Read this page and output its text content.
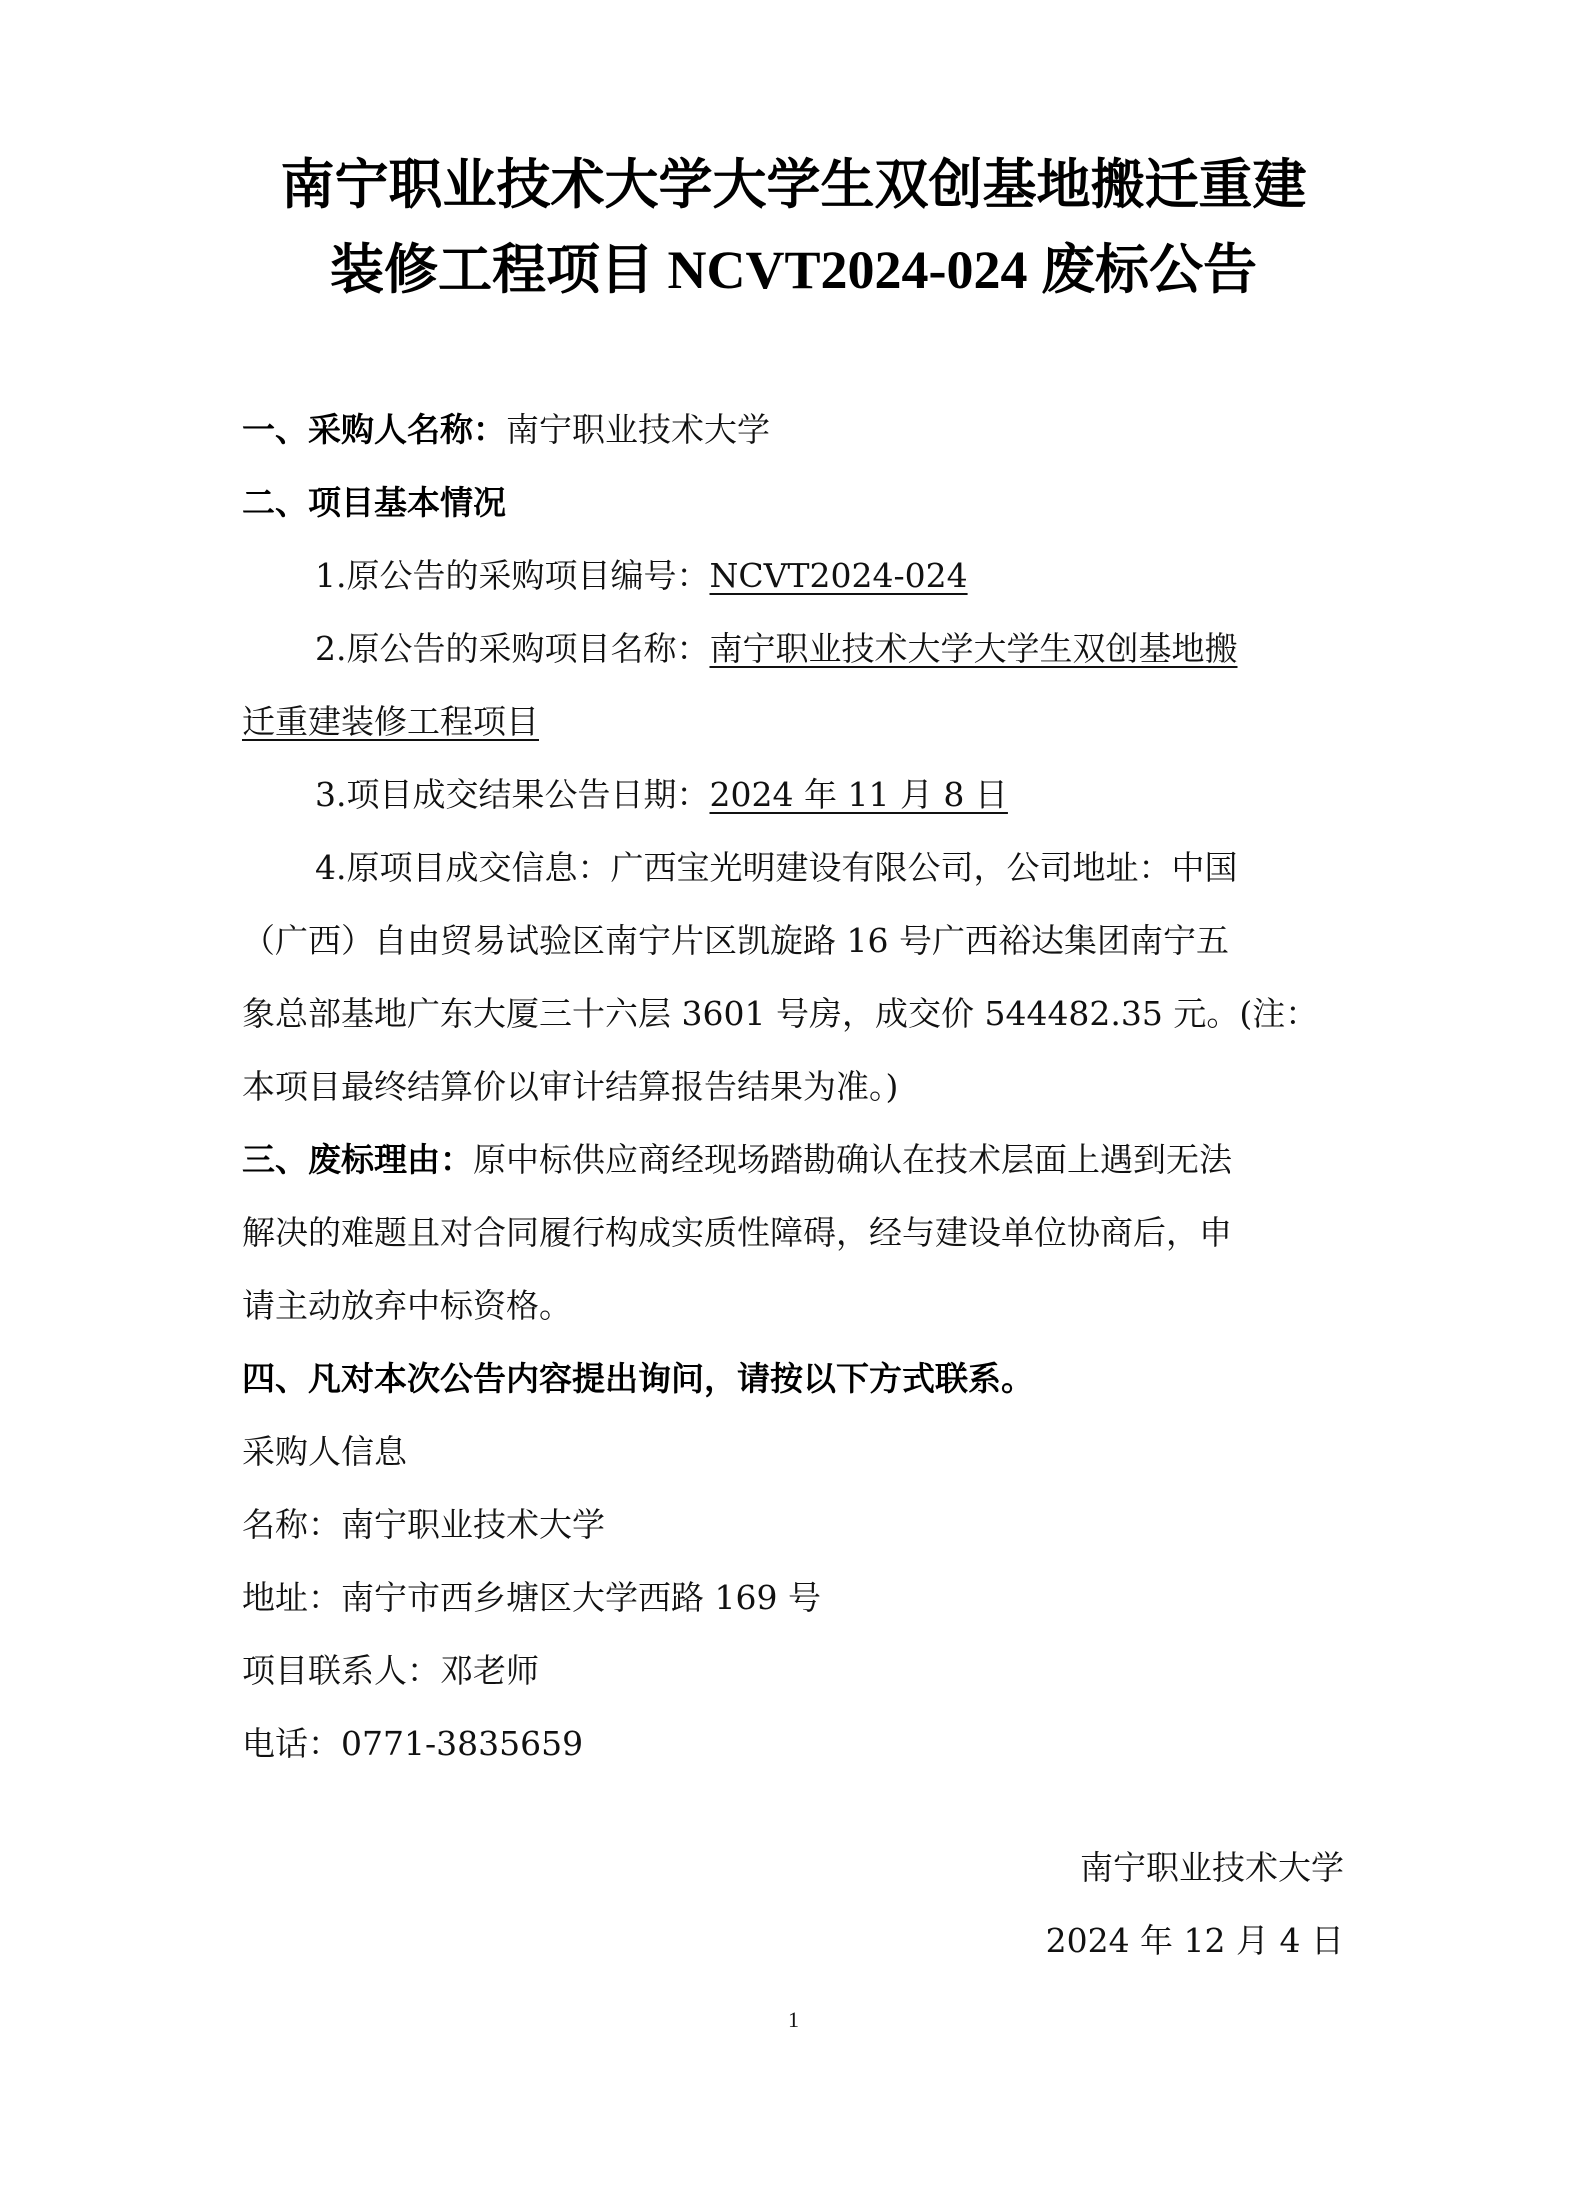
南宁职业技术大学大学生双创基地搬迁重建
装修工程项目 NCVT2024-024 废标公告
一、采购人名称：南宁职业技术大学
二、项目基本情况
1.原公告的采购项目编号：NCVT2024-024
2.原公告的采购项目名称：南宁职业技术大学大学生双创基地搬
迁重建装修工程项目
3.项目成交结果公告日期：2024 年 11 月 8 日
4.原项目成交信息：广西宝光明建设有限公司，公司地址：中国
（广西）自由贸易试验区南宁片区凯旋路 16 号广西裕达集团南宁五
象总部基地广东大厦三十六层 3601 号房，成交价 544482.35 元。(注：
本项目最终结算价以审计结算报告结果为准。)
三、废标理由：原中标供应商经现场踏勘确认在技术层面上遇到无法
解决的难题且对合同履行构成实质性障碍，经与建设单位协商后，申
请主动放弃中标资格。
四、凡对本次公告内容提出询问，请按以下方式联系。
采购人信息
名称：南宁职业技术大学
地址：南宁市西乡塘区大学西路 169 号
项目联系人：邓老师
电话：0771-3835659
南宁职业技术大学
2024 年 12 月 4 日
1
